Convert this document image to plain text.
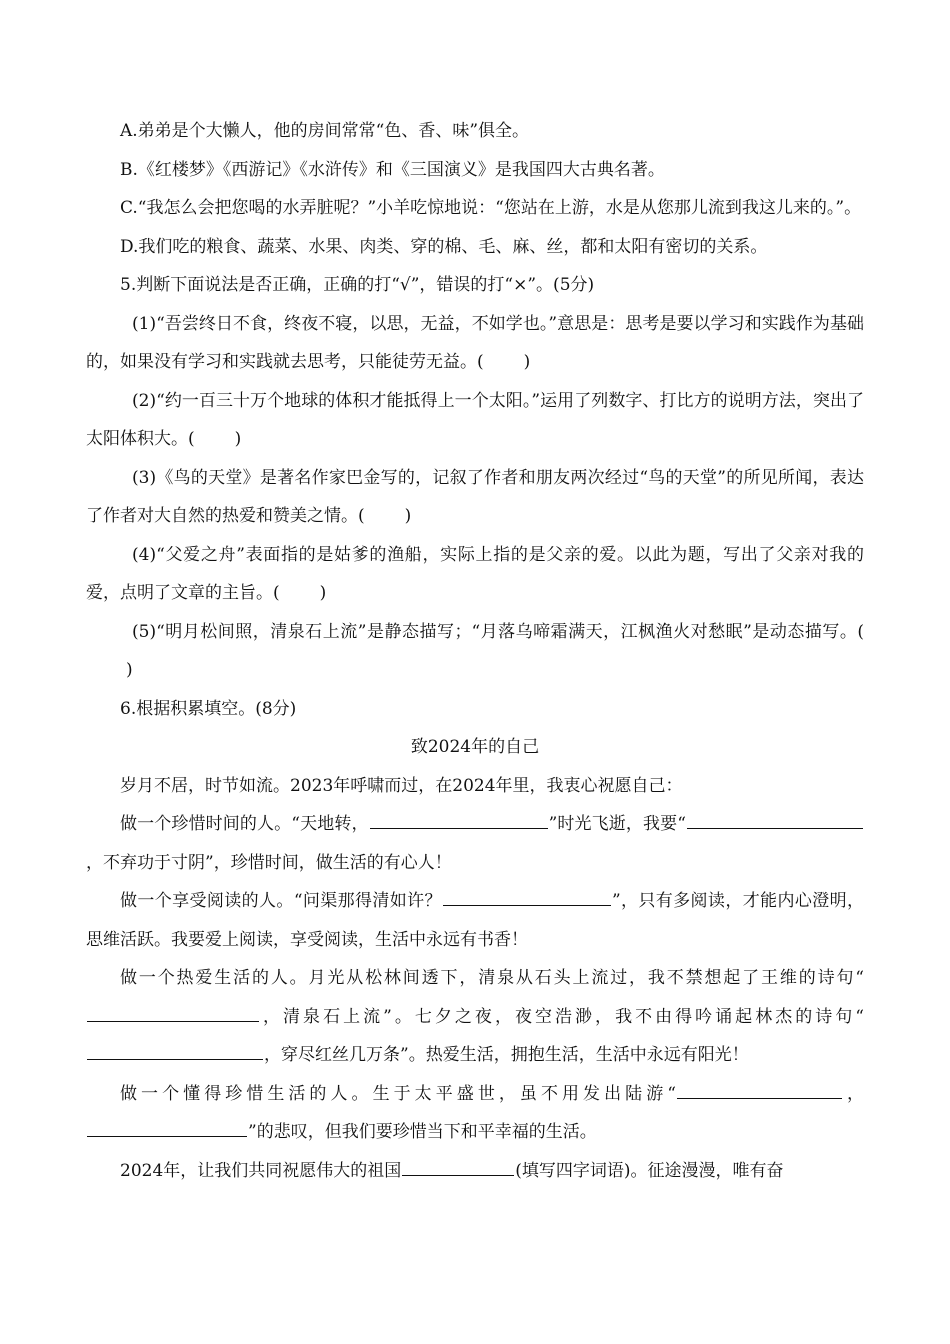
A.弟弟是个大懒人，他的房间常常“色、香、味”俱全。

B.《红楼梦》《西游记》《水浒传》和《三国演义》是我国四大古典名著。

C.“我怎么会把您喝的水弄脏呢？”小羊吃惊地说：“您站在上游，水是从您那儿流到我这儿来的。”。

D.我们吃的粮食、蔬菜、水果、肉类、穿的棉、毛、麻、丝，都和太阳有密切的关系。

5.判断下面说法是否正确，正确的打“√”，错误的打“×”。(5分)

(1)“吾尝终日不食，终夜不寝，以思，无益，不如学也。”意思是：思考是要以学习和实践作为基础的，如果没有学习和实践就去思考，只能徒劳无益。( )

(2)“约一百三十万个地球的体积才能抵得上一个太阳。”运用了列数字、打比方的说明方法，突出了太阳体积大。( )

(3)《鸟的天堂》是著名作家巴金写的，记叙了作者和朋友两次经过“鸟的天堂”的所见所闻，表达了作者对大自然的热爱和赞美之情。( )

(4)“父爱之舟”表面指的是姑爹的渔船，实际上指的是父亲的爱。以此为题，写出了父亲对我的爱，点明了文章的主旨。( )

(5)“明月松间照，清泉石上流”是静态描写；“月落乌啼霜满天，江枫渔火对愁眠”是动态描写。()

6.根据积累填空。(8分)

致2024年的自己

岁月不居，时节如流。2023年呼啸而过，在2024年里，我衷心祝愿自己：

做一个珍惜时间的人。“天地转，	”时光飞逝，我要“，不弃功于寸阴”，珍惜时间，做生活的有心人！

做一个享受阅读的人。“问渠那得清如许？	”，只有多阅读，才能内心澄明，思维活跃。我要爱上阅读，享受阅读，生活中永远有书香！

做一个热爱生活的人。月光从松林间透下，清泉从石头上流过，我不禁想起了王维的诗句“，清泉石上流”。七夕之夜，夜空浩渺，我不由得吟诵起林杰的诗句“，穿尽红丝几万条”。热爱生活，拥抱生活，生活中永远有阳光！

做一个懂得珍惜生活的人。生于太平盛世，虽不用发出陆游“	，”的悲叹，但我们要珍惜当下和平幸福的生活。

2024年，让我们共同祝愿伟大的祖国	(填写四字词语)。征途漫漫，唯有奋
